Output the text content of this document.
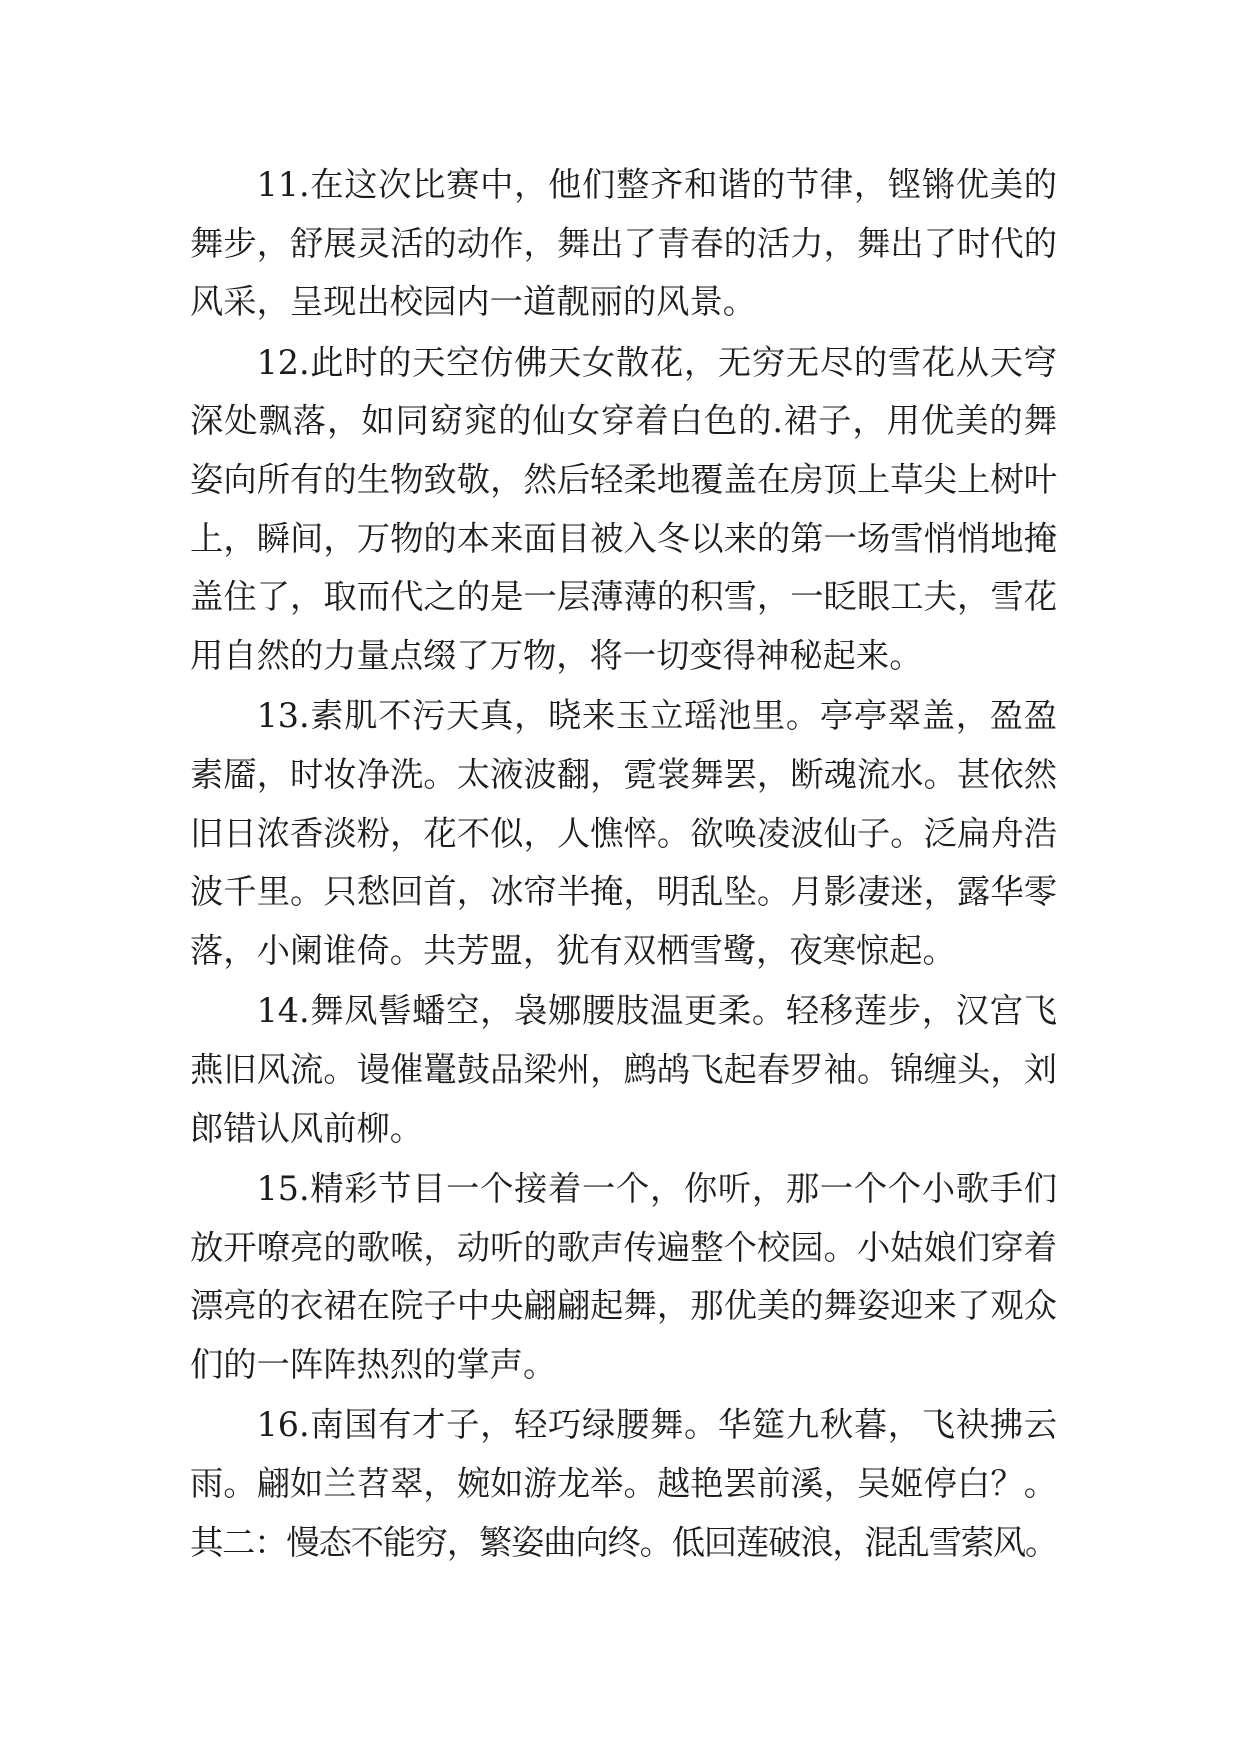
11.在这次比赛中，他们整齐和谐的节律，铿锵优美的
舞步，舒展灵活的动作，舞出了青春的活力，舞出了时代的
风采，呈现出校园内一道靓丽的风景。
12.此时的天空仿佛天女散花，无穷无尽的雪花从天穹
深处飘落，如同窈窕的仙女穿着白色的.裙子，用优美的舞
姿向所有的生物致敬，然后轻柔地覆盖在房顶上草尖上树叶
上，瞬间，万物的本来面目被入冬以来的第一场雪悄悄地掩
盖住了，取而代之的是一层薄薄的积雪，一眨眼工夫，雪花
用自然的力量点缀了万物，将一切变得神秘起来。
13.素肌不污天真，晓来玉立瑶池里。亭亭翠盖，盈盈
素靥，时妆净洗。太液波翻，霓裳舞罢，断魂流水。甚依然
旧日浓香淡粉，花不似，人憔悴。欲唤凌波仙子。泛扁舟浩
波千里。只愁回首，冰帘半掩，明乱坠。月影凄迷，露华零
落，小阑谁倚。共芳盟，犹有双栖雪鹭，夜寒惊起。
14.舞凤髻蟠空，袅娜腰肢温更柔。轻移莲步，汉宫飞
燕旧风流。谩催鼍鼓品梁州，鹧鸪飞起春罗袖。锦缠头，刘
郎错认风前柳。
15.精彩节目一个接着一个，你听，那一个个小歌手们
放开嘹亮的歌喉，动听的歌声传遍整个校园。小姑娘们穿着
漂亮的衣裙在院子中央翩翩起舞，那优美的舞姿迎来了观众
们的一阵阵热烈的掌声。
16.南国有才子，轻巧绿腰舞。华筵九秋暮，飞袂拂云
雨。翩如兰苕翠，婉如游龙举。越艳罢前溪，吴姬停白？。
其二：慢态不能穷，繁姿曲向终。低回莲破浪，混乱雪萦风。
